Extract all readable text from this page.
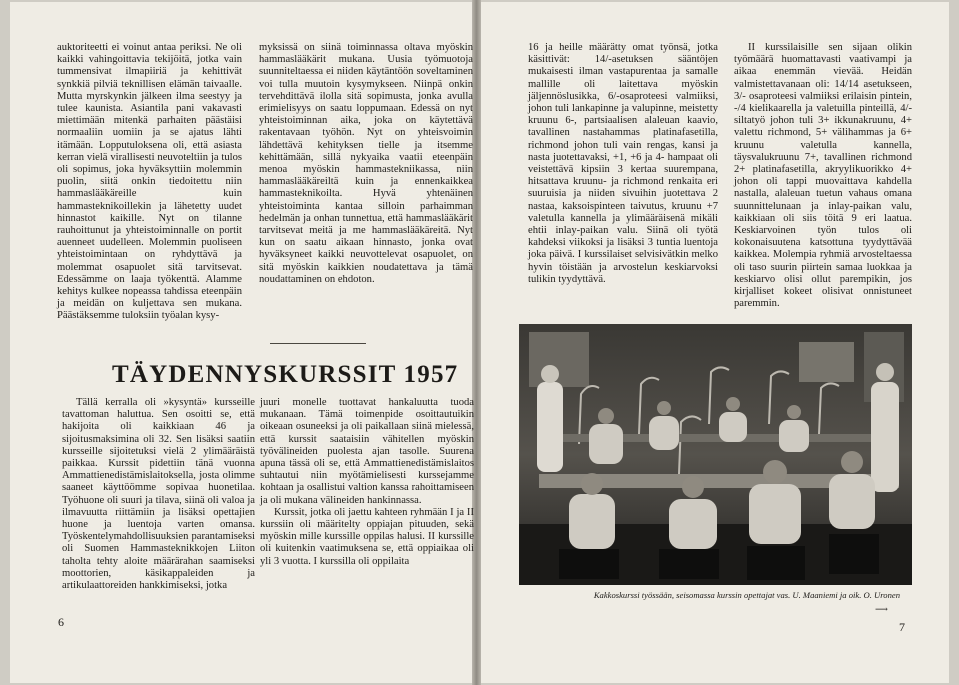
auktoriteetti ei voinut antaa periksi. Ne oli kaikki vahingoittavia tekijöitä, jotka vain tummensivat ilmapiiriä ja kehittivät synkkiä pilviä teknillisen elämän taivaalle. Mutta myrskynkin jälkeen ilma seestyy ja tulee kaunista. Asiantila pani vakavasti miettimään mitenkä parhaiten päästäisi normaaliin uomiin ja se ajatus lähti itämään. Lopputuloksena oli, että asiasta kerran vielä virallisesti neuvoteltiin ja tulos oli sopimus, joka hyväksyttiin molemmin puolin, siitä onkin tiedoitettu niin hammaslääkäreille kuin hammasteknikoillekin ja lähetetty uudet hinnastot kaikille. Nyt on tilanne rauhoittunut ja yhteistoiminnalle on portit auenneet uudelleen. Molemmin puoliseen yhteistoimintaan on ryhdyttävä ja molemmat osapuolet sitä tarvitsevat. Edessämme on laaja työkenttä. Alamme kehitys kulkee nopeassa tahdissa eteenpäin ja meidän on kuljettava sen mukana. Päästäksemme tuloksiin työalan kysy-

myksissä on siinä toiminnassa oltava myöskin hammaslääkärit mukana. Uusia työmuotoja suunniteltaessa ei niiden käytäntöön soveltaminen voi tulla muutoin kysymykseen. Niinpä onkin tervehdittävä ilolla sitä sopimusta, jonka avulla erimielisyys on saatu loppumaan. Edessä on nyt yhteistoiminnan aika, joka on käytettävä rakentavaan työhön. Nyt on yhteisvoimin lähdettävä kehityksen tielle ja itsemme kehittämään, sillä nykyaika vaatii eteenpäin menoa myöskin hammastekniikassa, niin hammaslääkäreiltä kuin ja ennenkaikkea hammasteknikoilta. Hyvä yhtenäinen yhteistoiminta kantaa silloin parhaimman hedelmän ja onhan tunnettua, että hammaslääkärit tarvitsevat meitä ja me hammaslääkäreitä. Nyt kun on saatu aikaan hinnasto, jonka ovat hyväksyneet kaikki neuvottelevat osapuolet, on sitä myöskin kaikkien noudatettava ja tämä noudattaminen on ehdoton.

TÄYDENNYSKURSSIT 1957

Tällä kerralla oli »kysyntä» kursseille tavattoman haluttua. Sen osoitti se, että hakijoita oli kaikkiaan 46 ja sijoitusmaksimina oli 32. Sen lisäksi saatiin kursseille sijoitetuksi vielä 2 ylimääräistä paikkaa. Kurssit pidettiin tänä vuonna Ammattienedistämislaitoksella, josta olimme saaneet käyttöömme sopivaa huonetilaa. Työhuone oli suuri ja tilava, siinä oli valoa ja ilmavuutta riittämiin ja lisäksi opettajien huone ja luentoja varten omansa. Työskentelymahdollisuuksien parantamiseksi oli Suomen Hammasteknikkojen Liiton taholta tehty aloite määrärahan saamiseksi moottorien, käsikappaleiden ja artikulaattoreiden hankkimiseksi, jotka

juuri monelle tuottavat hankaluutta tuoda mukanaan. Tämä toimenpide osoittautuikin oikeaan osuneeksi ja oli paikallaan siinä mielessä, että kurssit saataisiin vähitellen myöskin työvälineiden puolesta ajan tasolle. Suurena apuna tässä oli se, että Ammattienedistämislaitos suhtautui niin myötämielisesti kurssejamme kohtaan ja osallistui valtion kanssa rahoittamiseen ja oli mukana välineiden hankinnassa.

Kurssit, jotka oli jaettu kahteen ryhmään I ja II kurssiin oli määritelty oppiajan pituuden, sekä myöskin mille kurssille oppilas halusi. II kurssille oli kuitenkin vaatimuksena se, että oppiaikaa oli yli 3 vuotta. I kurssilla oli oppilaita

6

16 ja heille määrätty omat työnsä, jotka käsittivät: 14/-asetuksen sääntöjen mukaisesti ilman vastapurentaa ja samalle mallille oli laitettava myöskin jäljennöslusikka, 6/-osaproteesi valmiiksi, johon tuli lankapinne ja valupinne, meistetty kruunu 6-, partsiaalisen alaleuan kaavio, tavallinen nastahammas platinafasetilla, richmond johon tuli vain rengas, kansi ja nasta juotettavaksi, +1, +6 ja 4- hampaat oli veistettävä kipsiin 3 kertaa suurempana, hitsattava kruunu- ja richmond renkaita eri suuruisia ja niiden sivuihin juotettava 2 nastaa, kaksoispinteen taivutus, kruunu +7 valetulla kannella ja ylimääräisenä mikäli ehtii inlay-paikan valu. Siinä oli työtä kahdeksi viikoksi ja lisäksi 3 tuntia luentoja joka päivä. I kurssilaiset selvisivätkin melko hyvin töistään ja arvostelun keskiarvoksi tulikin tyydyttävä.

II kurssilaisille sen sijaan olikin työmäärä huomattavasti vaativampi ja aikaa enemmän vievää. Heidän valmistettavanaan oli: 14/14 asetukseen, 3/- osaproteesi valmiiksi erilaisin pintein, -/4 kielikaarella ja valetuilla pinteillä, 4/- siltatyö johon tuli 3+ ikkunakruunu, 4+ valettu richmond, 5+ välihammas ja 6+ kruunu valetulla kannella, täysvalukruunu 7+, tavallinen richmond 2+ platinafasetilla, akryylikuorikko 4+ johon oli tappi muovaittava kahdella nastalla, alaleuan tuetun vahaus omana suunnittelunaan ja inlay-paikan valu, kaikkiaan oli siis töitä 9 eri laatua. Keskiarvoinen työn tulos oli kokonaisuutena katsottuna tyydyttävää kaikkea. Molempia ryhmiä arvosteltaessa oli taso suurin piirtein samaa luokkaa ja keskiarvo olisi ollut parempikin, jos kirjalliset kokeet olisivat onnistuneet paremmin.

Kakkoskurssi työssään, seisomassa kurssin opettajat vas. U. Maaniemi ja oik. O. Uronen
⟶
7
